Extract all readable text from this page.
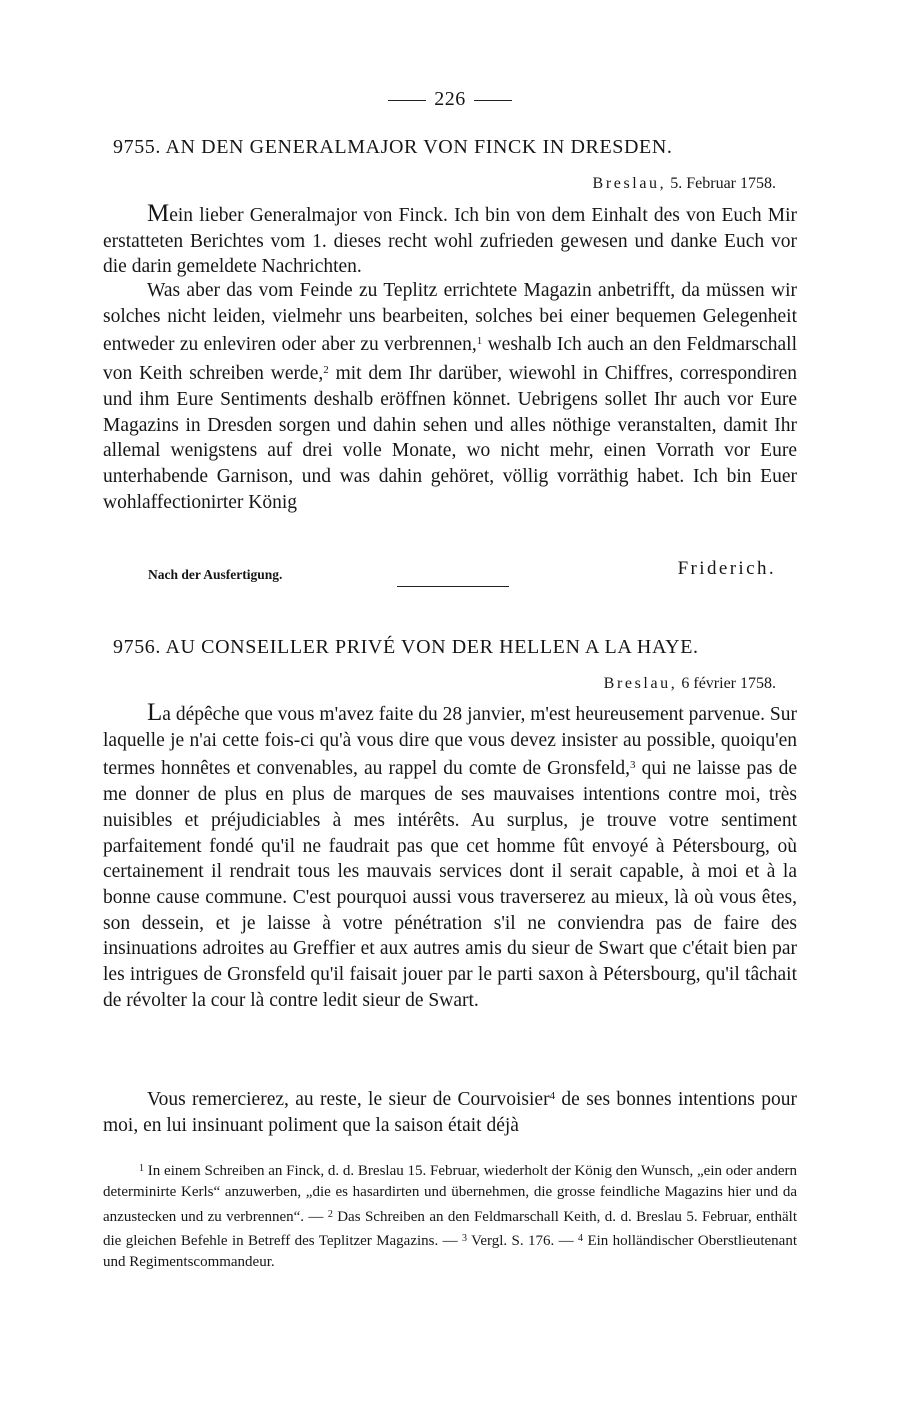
226
9755. AN DEN GENERALMAJOR VON FINCK IN DRESDEN.
Breslau, 5. Februar 1758.

Mein lieber Generalmajor von Finck. Ich bin von dem Einhalt des von Euch Mir erstatteten Berichtes vom 1. dieses recht wohl zufrieden gewesen und danke Euch vor die darin gemeldete Nachrichten.

Was aber das vom Feinde zu Teplitz errichtete Magazin anbetrifft, da müssen wir solches nicht leiden, vielmehr uns bearbeiten, solches bei einer bequemen Gelegenheit entweder zu enleviren oder aber zu verbrennen,$^1$ weshalb Ich auch an den Feldmarschall von Keith schreiben werde,$^2$ mit dem Ihr darüber, wiewohl in Chiffres, correspondiren und ihm Eure Sentiments deshalb eröffnen könnet. Uebrigens sollet Ihr auch vor Eure Magazins in Dresden sorgen und dahin sehen und alles nöthige veranstalten, damit Ihr allemal wenigstens auf drei volle Monate, wo nicht mehr, einen Vorrath vor Eure unterhabende Garnison, und was dahin gehöret, völlig vorräthig habet. Ich bin Euer wohlaffectionirter König

Nach der Ausfertigung.	Friderich.
9756. AU CONSEILLER PRIVÉ VON DER HELLEN A LA HAYE.
Breslau, 6 février 1758.

La dépêche que vous m'avez faite du 28 janvier, m'est heureusement parvenue. Sur laquelle je n'ai cette fois-ci qu'à vous dire que vous devez insister au possible, quoiqu'en termes honnêtes et convenables, au rappel du comte de Gronsfeld,$^3$ qui ne laisse pas de me donner de plus en plus de marques de ses mauvaises intentions contre moi, très nuisibles et préjudiciables à mes intérêts. Au surplus, je trouve votre sentiment parfaitement fondé qu'il ne faudrait pas que cet homme fût envoyé à Pétersbourg, où certainement il rendrait tous les mauvais services dont il serait capable, à moi et à la bonne cause commune. C'est pourquoi aussi vous traverserez au mieux, là où vous êtes, son dessein, et je laisse à votre pénétration s'il ne conviendra pas de faire des insinuations adroites au Greffier et aux autres amis du sieur de Swart que c'était bien par les intrigues de Gronsfeld qu'il faisait jouer par le parti saxon à Pétersbourg, qu'il tâchait de révolter la cour là contre ledit sieur de Swart.

Vous remercierez, au reste, le sieur de Courvoisier$^4$ de ses bonnes intentions pour moi, en lui insinuant poliment que la saison était déjà

$^1$ In einem Schreiben an Finck, d. d. Breslau 15. Februar, wiederholt der König den Wunsch, „ein oder andern determinirte Kerls“ anzuwerben, „die es hasardirten und übernehmen, die grosse feindliche Magazins hier und da anzustecken und zu verbrennen“. — $^2$ Das Schreiben an den Feldmarschall Keith, d. d. Breslau 5. Februar, enthält die gleichen Befehle in Betreff des Teplitzer Magazins. — $^3$ Vergl. S. 176. — $^4$ Ein holländischer Oberstlieutenant und Regimentscommandeur.
